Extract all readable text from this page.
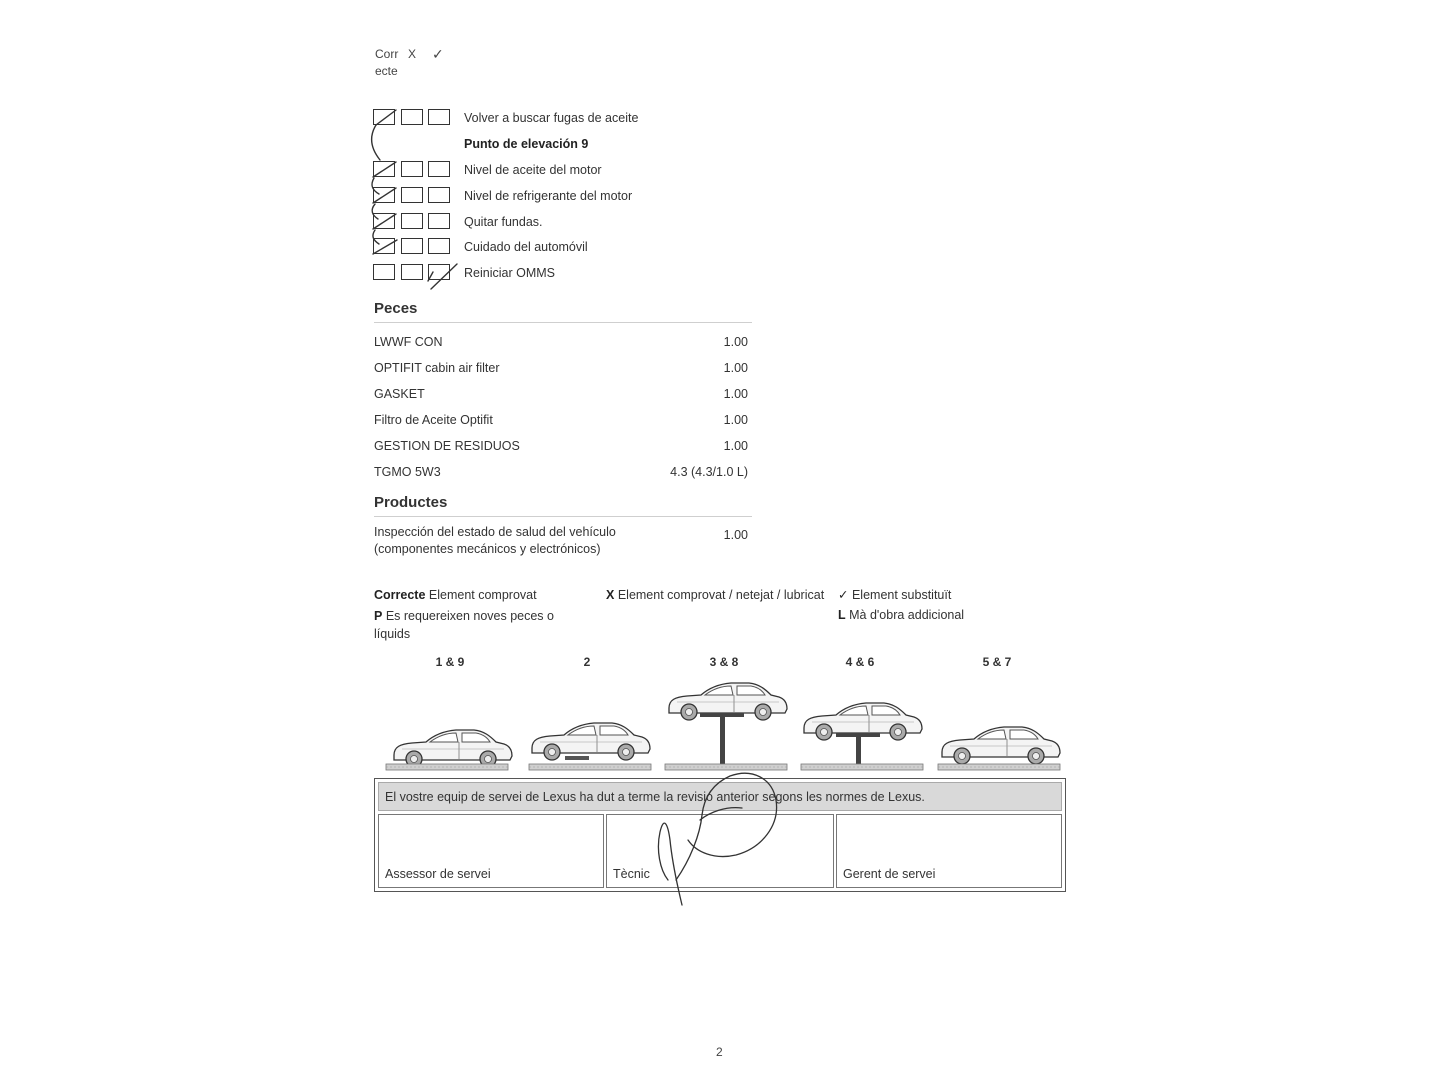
Corr
ecte
X ✓
Volver a buscar fugas de aceite
Punto de elevación 9
Nivel de aceite del motor
Nivel de refrigerante del motor
Quitar fundas.
Cuidado del automóvil
Reiniciar OMMS
Peces
LWWF CON	1.00
OPTIFIT cabin air filter	1.00
GASKET	1.00
Filtro de Aceite Optifit	1.00
GESTION DE RESIDUOS	1.00
TGMO 5W3	4.3 (4.3/1.0 L)
Productes
Inspección del estado de salud del vehículo
(componentes mecánicos y electrónicos)
1.00
Correcte Element comprovat
P Es requereixen noves peces o
líquids
X Element comprovat / netejat / lubricat ✓ Element substituït
L Mà d'obra addicional
1 & 9	2	3 & 8	4 & 6	5 & 7
El vostre equip de servei de Lexus ha dut a terme la revisió anterior segons les normes de Lexus.
Assessor de servei	Tècnic	Gerent de servei
2
